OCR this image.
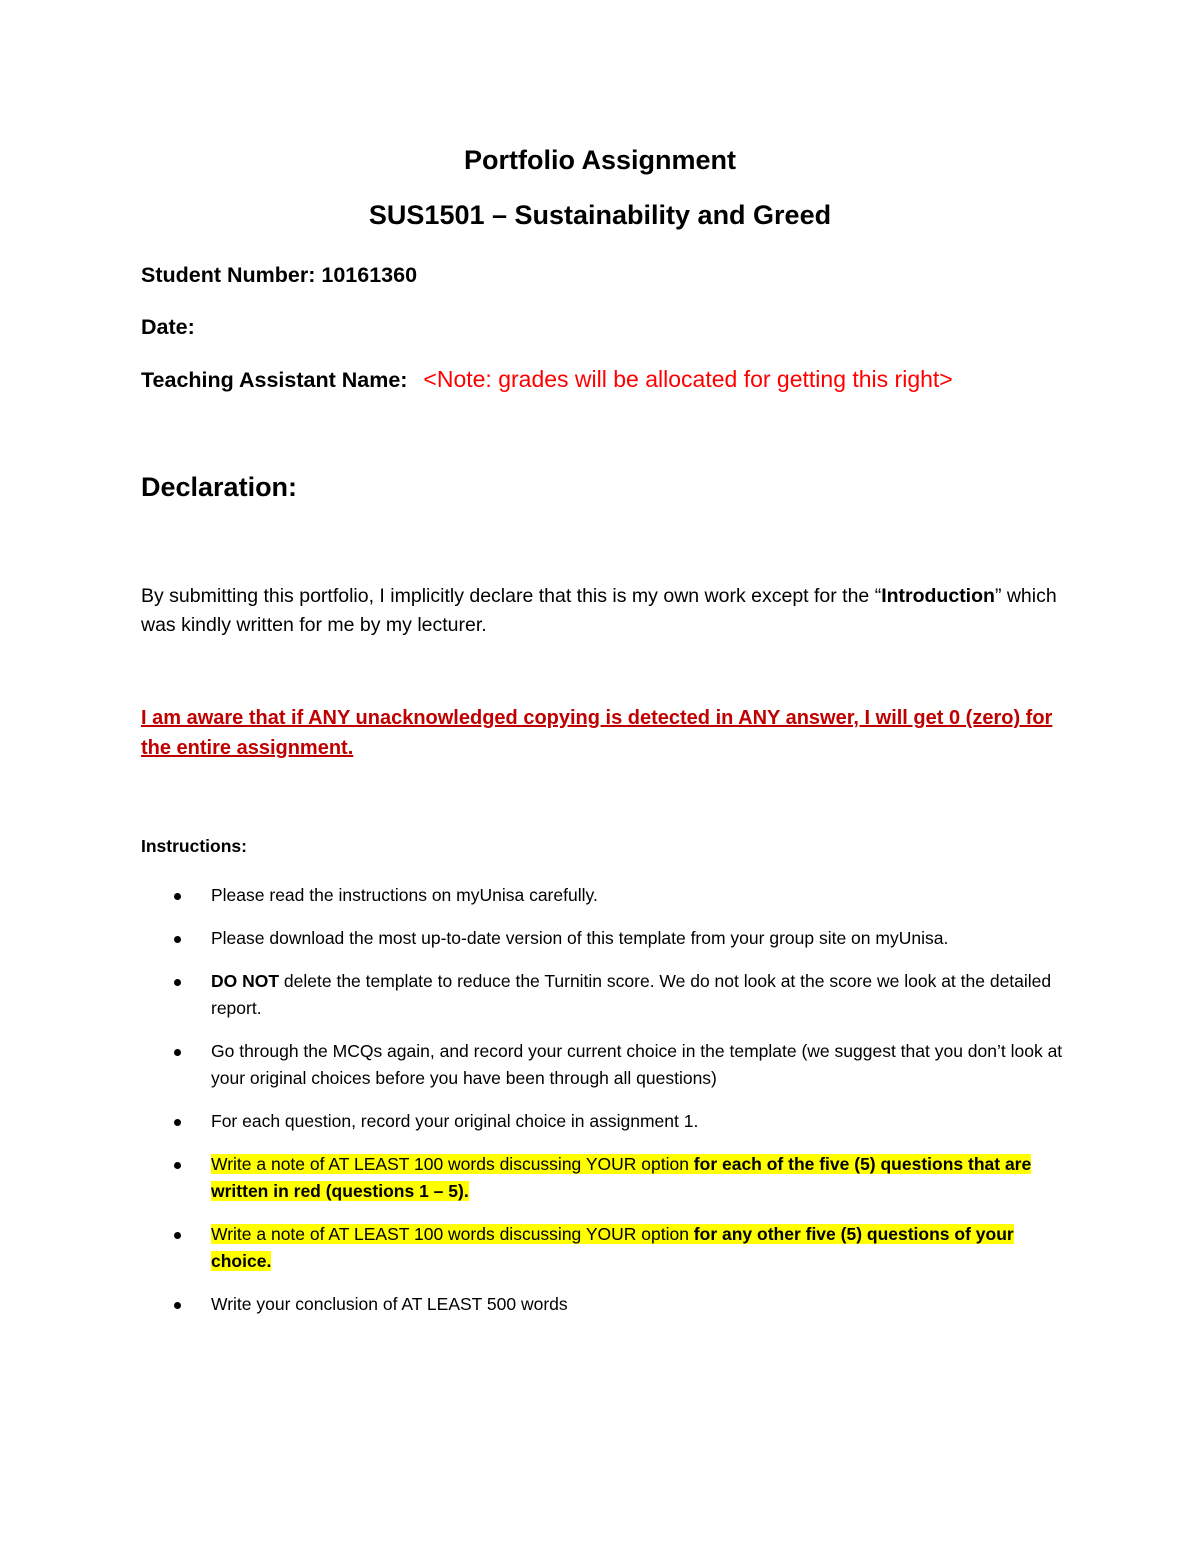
Portfolio Assignment
SUS1501 – Sustainability and Greed
Student Number: 10161360
Date:
Teaching Assistant Name: <Note: grades will be allocated for getting this right>
Declaration:
By submitting this portfolio, I implicitly declare that this is my own work except for the “Introduction” which was kindly written for me by my lecturer.
I am aware that if ANY unacknowledged copying is detected in ANY answer, I will get 0 (zero) for the entire assignment.
Instructions:
Please read the instructions on myUnisa carefully.
Please download the most up-to-date version of this template from your group site on myUnisa.
DO NOT delete the template to reduce the Turnitin score. We do not look at the score we look at the detailed report.
Go through the MCQs again, and record your current choice in the template (we suggest that you don’t look at your original choices before you have been through all questions)
For each question, record your original choice in assignment 1.
Write a note of AT LEAST 100 words discussing YOUR option for each of the five (5) questions that are written in red (questions 1 – 5).
Write a note of AT LEAST 100 words discussing YOUR option for any other five (5) questions of your choice.
Write your conclusion of AT LEAST 500 words
